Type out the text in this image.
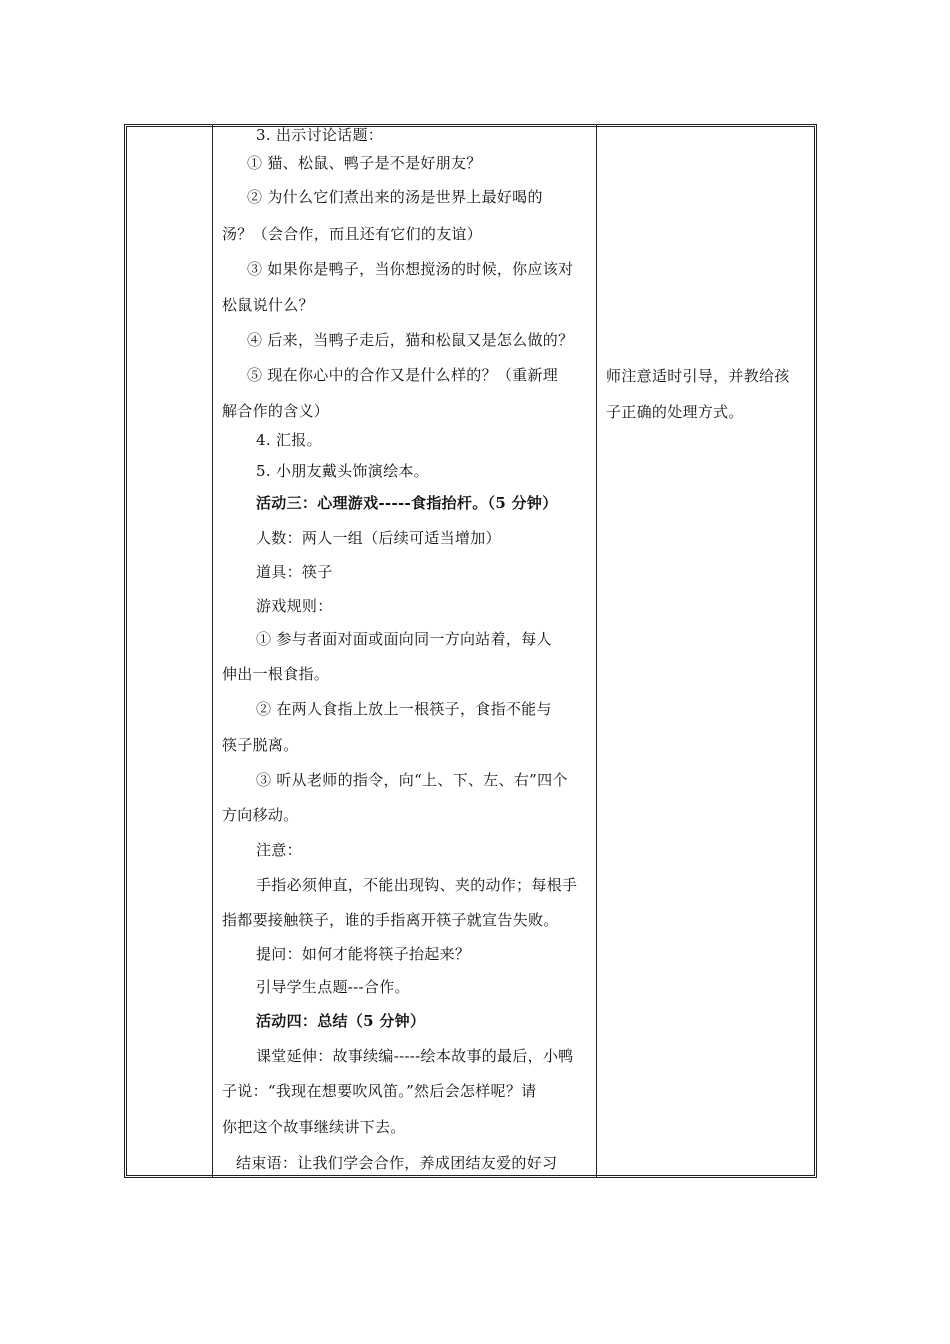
3. 出示讨论话题：
① 猫、松鼠、鸭子是不是好朋友？
② 为什么它们煮出来的汤是世界上最好喝的
汤？（会合作，而且还有它们的友谊）
③ 如果你是鸭子，当你想搅汤的时候，你应该对
松鼠说什么？
④ 后来，当鸭子走后，猫和松鼠又是怎么做的？
⑤ 现在你心中的合作又是什么样的？（重新理
解合作的含义）
4. 汇报。
5. 小朋友戴头饰演绘本。
活动三：心理游戏-----食指抬杆。（5 分钟）
人数：两人一组（后续可适当增加）
道具：筷子
游戏规则：
① 参与者面对面或面向同一方向站着，每人
伸出一根食指。
② 在两人食指上放上一根筷子，食指不能与
筷子脱离。
③ 听从老师的指令，向“上、下、左、右”四个
方向移动。
注意：
手指必须伸直，不能出现钩、夹的动作；每根手
指都要接触筷子，谁的手指离开筷子就宣告失败。
提问：如何才能将筷子抬起来？
引导学生点题---合作。
活动四：总结（5 分钟）
课堂延伸：故事续编-----绘本故事的最后，小鸭
子说：“我现在想要吹风笛。”然后会怎样呢？请
你把这个故事继续讲下去。
结束语：让我们学会合作，养成团结友爱的好习
师注意适时引导，并教给孩
子正确的处理方式。
